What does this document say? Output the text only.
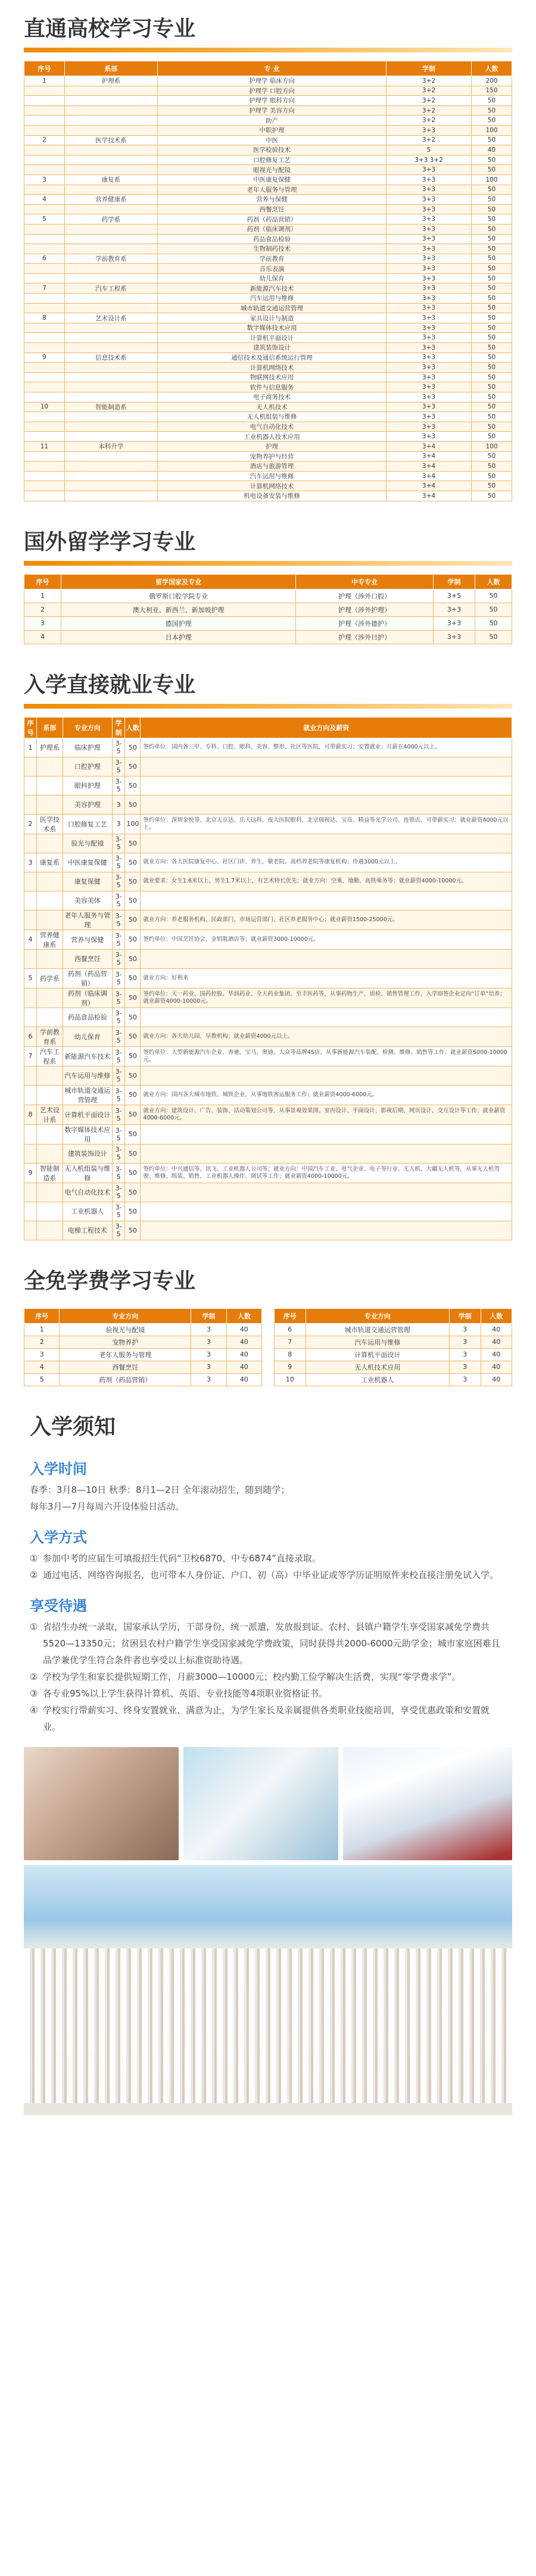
直通高校学习专业
序号	系部	专 业	学制	人数
1	护理系	护理学 临床方向	3+2	200
		护理学 口腔方向	3+2	150
		护理学 眼科方向	3+2	50
		护理学 美容方向	3+2	50
		助产	3+2	50
		中职护理	3+3	100
2	医学技术系	中医	3+2	50
		医学检验技术	5	40
		口腔修复工艺	3+3 3+2	50
		眼视光与配镜	3+3	50
3	康复系	中医康复保健	3+3	100
		老年人服务与管理	3+3	50
4	营养健康系	营养与保健	3+3	50
		西餐烹饪	3+3	50
5	药学系	药剂（药品营销）	3+3	50
		药剂（临床调剂）	3+3	50
		药品食品检验	3+3	50
		生物制药技术	3+3	50
6	学前教育系	学前教育	3+3	50
		音乐表演	3+3	50
		幼儿保育	3+3	50
7	汽车工程系	新能源汽车技术	3+3	50
		汽车运用与维修	3+3	50
		城市轨道交通运营管理	3+3	50
8	艺术设计系	家具设计与制造	3+3	50
		数字媒体技术应用	3+3	50
		计算机平面设计	3+3	50
		建筑装饰设计	3+3	50
9	信息技术系	通信技术及通信系统运行管理	3+3	50
		计算机网络技术	3+3	50
		物联网技术应用	3+3	50
		软件与信息服务	3+3	50
		电子商务技术	3+3	50
10	智能制造系	无人机技术	3+3	50
		无人机组装与维修	3+3	50
		电气自动化技术	3+3	50
		工业机器人技术应用	3+3	50
11	本科升学	护理	3+4	100
		宠物养护与经营	3+4	50
		酒店与旅游管理	3+4	50
		汽车运用与维修	3+4	50
		计算机网络技术	3+4	50
		机电设备安装与维修	3+4	50
国外留学学习专业
序号	留学国家及专业	中专专业	学制	人数
1	俄罗斯口腔学院专业	护理（涉外口腔）	3+5	50
2	澳大利亚、新西兰、新加坡护理	护理（涉外护理）	3+3	50
3	德国护理	护理（涉外德护）	3+3	50
4	日本护理	护理（涉外日护）	3+3	50
入学直接就业专业
序号	系部	专业方向	学制	人数	就业方向及薪资
1	护理系	临床护理	3-5	50	签约单位：国内各三甲、专科、口腔、眼科、美容、整形、社区等医院，可带薪实习；安置就业：月薪在4000元以上。
		口腔护理	3-5	50	
		眼科护理	3-5	50	
		美容护理	3	50	
2	医学技术系	口腔修复工艺	3	100	签约单位：深圳金悦等、北京无京达、乐天远科、夜大医院眼科、北京瑞视达、宝岛、精益等光学公司、连锁店，可带薪实习；就业薪资4000元以上。
		验光与配镜	3-5	50	
3	康复系	中医康复保健	3-5	50	就业方向：各大医院康复中心、社区门诊、养生、敬老院、高档养老院等康复机构；待遇3000元以上。
		康复保健	3-5	50	就业要求：女生1.6米以上、男生1.7米以上，有艺术特长优先；就业方向：空乘、地勤、高铁乘务等；就业薪资4000-10000元。
		美容美体	3-5	50	
		老年人服务与管理	3-5	50	就业方向：养老服务机构、民政部门、市场运营部门、社区养老服务中心；就业薪资1500-25000元。
4	营养健康系	营养与保健	3-5	50	签约单位：中国烹饪协会、金钥匙酒店等；就业薪资3000-10000元。
		西餐烹饪	3-5	50	
5	药学系	药剂（药品营销）	3-5	50	就业方向：好利来
		药剂（临床调剂）	3-5	50	签约单位：天一药业、国药控股、华润药业、全天药业集团、至丰医药等，从事药物生产、质检、销售管理工作，入学即签企业定向“订单”培养；就业薪资4000-10000元。
		药品食品检验	3-5	50	
6	学前教育系	幼儿保育	3-5	50	就业方向：各大幼儿园、早教机构；就业薪资4000元以上。
7	汽车工程系	新能源汽车技术	3-5	50	签约单位：大型新能源汽车企业、奔驰、宝马、奥迪、大众等品牌4S店，从事新能源汽车装配、检测、维修、销售等工作；就业薪资5000-10000元。
		汽车运用与维修	3-5	50	
		城市轨道交通运营管理	3-5	50	就业方向：国内各大城市地铁、城铁企业，从事地铁客运服务工作；就业薪资4000-6000元。
8	艺术设计系	计算机平面设计	3-5	50	就业方向：建筑设计、广告、装饰、活动策划公司等，从事景观效果图、室内设计、平面设计、影视后期、网页设计、交互设计等工作；就业薪资4000-6000元。
		数字媒体技术应用	3-5	50	
		建筑装饰设计	3-5	50	
9	智能制造系	无人机组装与维修	3-5	50	签约单位：中兴通信等、讯飞、工业机器人公司等；就业方向：中国汽车工业、电气企业、电子等行业、无人机、大疆无人机等，从事无人机驾驶、维修、组装、销售、工业机器人操作、调试等工作；就业薪资4000-10000元。
		电气自动化技术	3-5	50	
		工业机器人	3-5	50	
		电梯工程技术	3-5	50	
全免学费学习专业
序号	专业方向	学制	人数
1	验视光与配镜	3	40
2	宠物养护	3	40
3	老年人服务与管理	3	40
4	西餐烹饪	3	40
5	药剂（药品营销）	3	40
序号	专业方向	学制	人数
6	城市轨道交通运营管理	3	40
7	汽车运用与维修	3	40
8	计算机平面设计	3	40
9	无人机技术应用	3	40
10	工业机器人	3	40
入学须知
入学时间

春季：3月8—10日 秋季：8月1—2日 全年滚动招生，随到随学；

每年3月—7月每周六开设体验日活动。

入学方式
① 参加中考的应届生可填报招生代码“卫校6870、中专6874”直接录取。
② 通过电话、网络咨询报名，也可带本人身份证、户口、初（高）中毕业证或等学历证明原件来校直接注册免试入学。
享受待遇
① 省招生办统一录取，国家承认学历，干部身份，统一派遣，发放报到证。农村、县镇户籍学生享受国家减免学费共5520—13350元；贫困县农村户籍学生享受国家减免学费政策，同时获得共2000-6000元助学金；城市家庭困难且品学兼优学生符合条件者也享受以上标准资助待遇。
② 学校为学生和家长提供短期工作，月薪3000—10000元；校内勤工俭学解决生活费，实现“零学费求学”。
③ 各专业95%以上学生获得计算机、英语、专业技能等4项职业资格证书。
④ 学校实行带薪实习、终身安置就业、满意为止，为学生家长及亲属提供各类职业技能培训，享受优惠政策和安置就业。
